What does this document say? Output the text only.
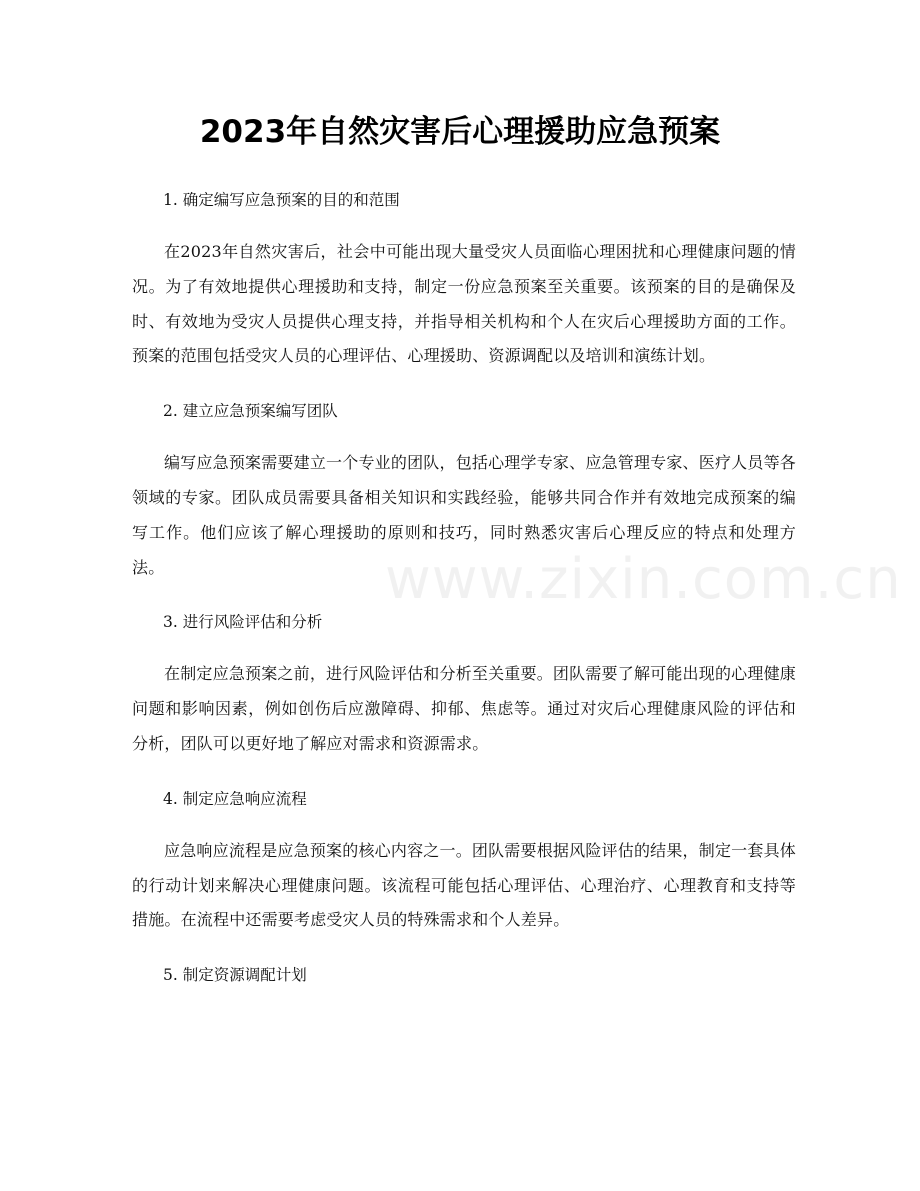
www.zixin.com.cn
2023年自然灾害后心理援助应急预案

1. 确定编写应急预案的目的和范围

在2023年自然灾害后，社会中可能出现大量受灾人员面临心理困扰和心理健康问题的情况。为了有效地提供心理援助和支持，制定一份应急预案至关重要。该预案的目的是确保及时、有效地为受灾人员提供心理支持，并指导相关机构和个人在灾后心理援助方面的工作。预案的范围包括受灾人员的心理评估、心理援助、资源调配以及培训和演练计划。

2. 建立应急预案编写团队

编写应急预案需要建立一个专业的团队，包括心理学专家、应急管理专家、医疗人员等各领域的专家。团队成员需要具备相关知识和实践经验，能够共同合作并有效地完成预案的编写工作。他们应该了解心理援助的原则和技巧，同时熟悉灾害后心理反应的特点和处理方法。

3. 进行风险评估和分析

在制定应急预案之前，进行风险评估和分析至关重要。团队需要了解可能出现的心理健康问题和影响因素，例如创伤后应激障碍、抑郁、焦虑等。通过对灾后心理健康风险的评估和分析，团队可以更好地了解应对需求和资源需求。

4. 制定应急响应流程

应急响应流程是应急预案的核心内容之一。团队需要根据风险评估的结果，制定一套具体的行动计划来解决心理健康问题。该流程可能包括心理评估、心理治疗、心理教育和支持等措施。在流程中还需要考虑受灾人员的特殊需求和个人差异。

5. 制定资源调配计划
